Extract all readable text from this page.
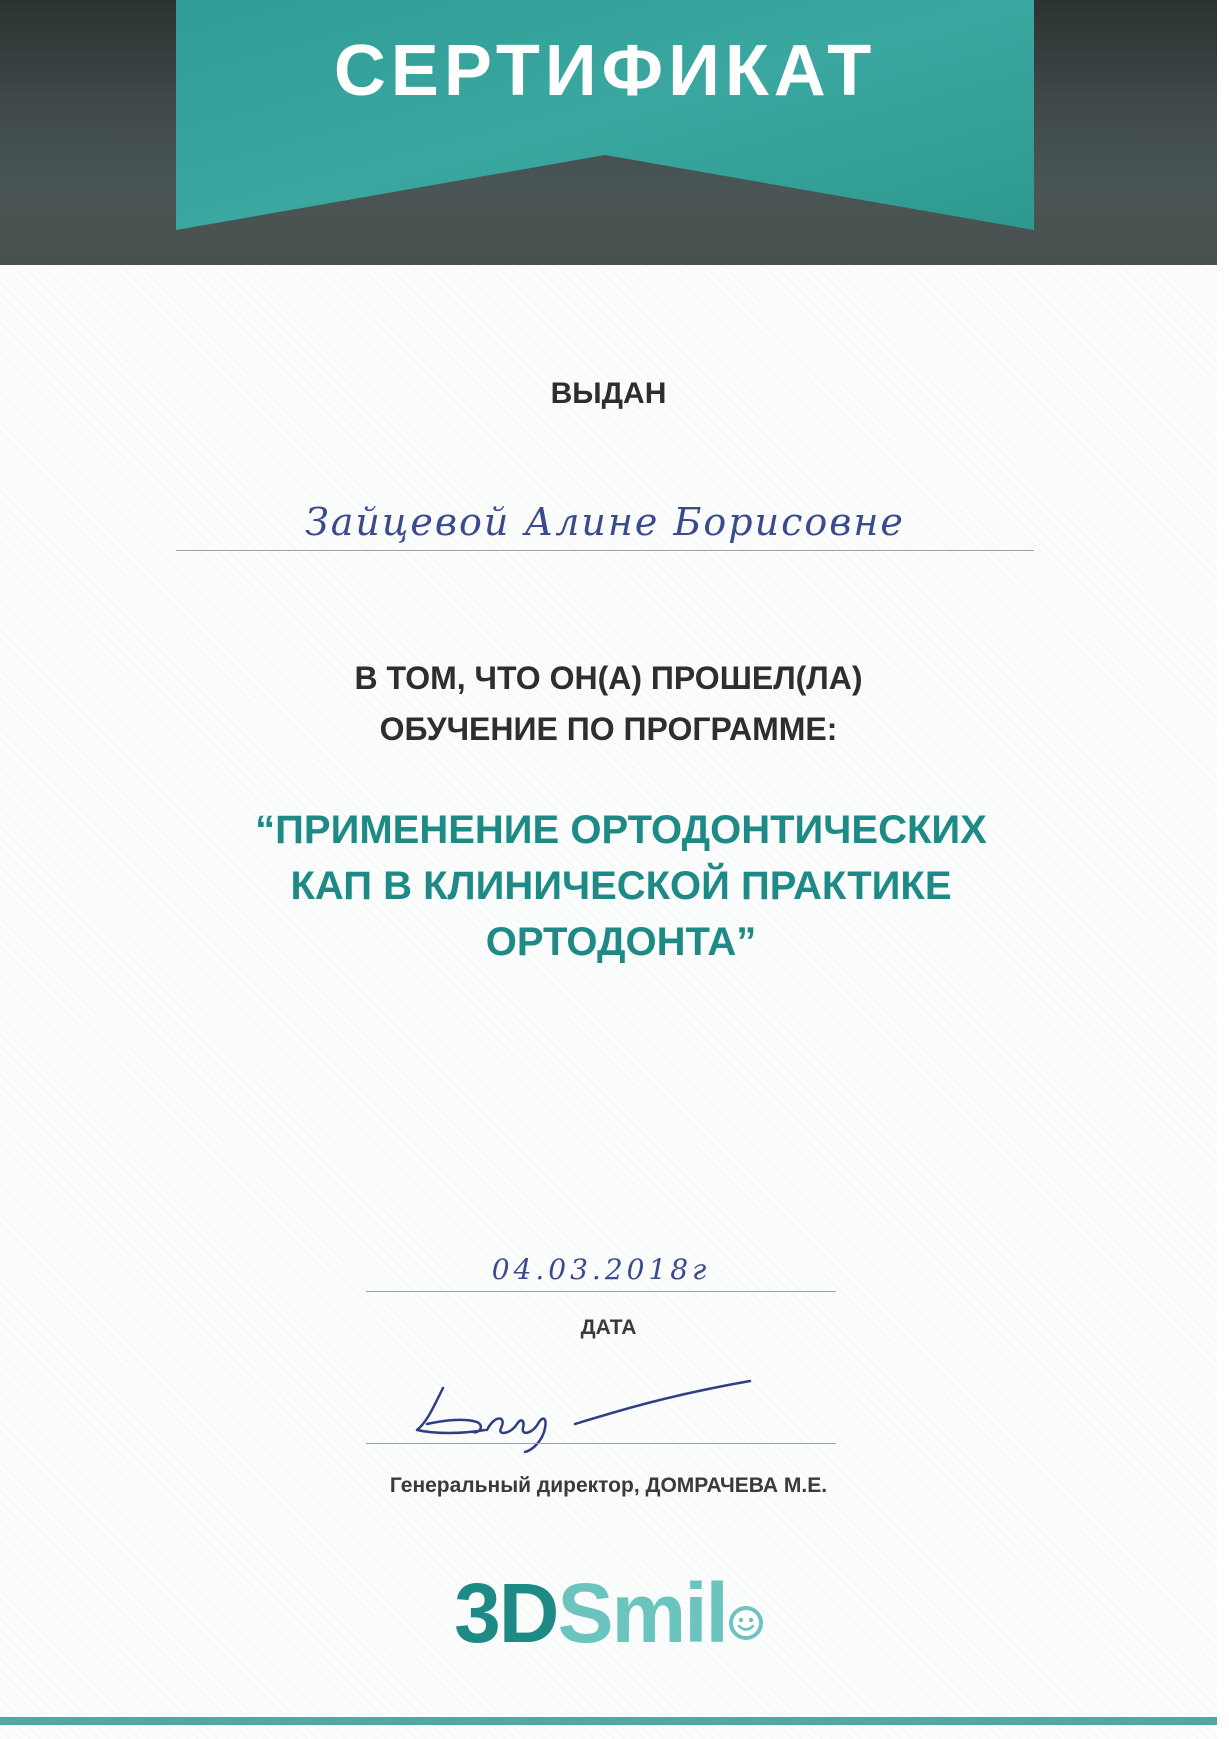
СЕРТИФИКАТ
ВЫДАН
Зайцевой Алине Борисовне
В ТОМ, ЧТО ОН(А) ПРОШЕЛ(ЛА)
ОБУЧЕНИЕ ПО ПРОГРАММЕ:
“ПРИМЕНЕНИЕ ОРТОДОНТИЧЕСКИХ
КАП В КЛИНИЧЕСКОЙ ПРАКТИКЕ
ОРТОДОНТА”
04.03.2018г
ДАТА
Генеральный директор, ДОМРАЧЕВА М.Е.
3DSmil
